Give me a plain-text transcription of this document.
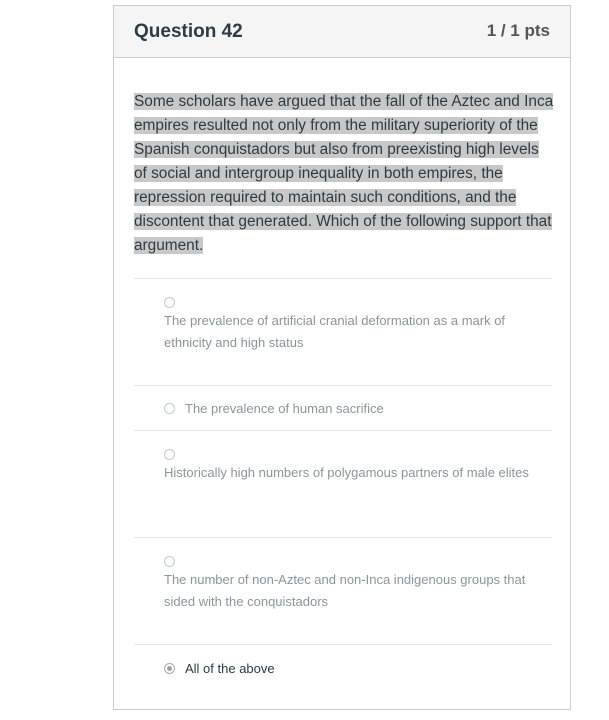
Question 42	1 / 1 pts

Some scholars have argued that the fall of the Aztec and Inca empires resulted not only from the military superiority of the Spanish conquistadors but also from preexisting high levels of social and intergroup inequality in both empires, the repression required to maintain such conditions, and the discontent that generated. Which of the following support that argument.

The prevalence of artificial cranial deformation as a mark of ethnicity and high status
The prevalence of human sacrifice
Historically high numbers of polygamous partners of male elites
The number of non-Aztec and non-Inca indigenous groups that sided with the conquistadors
All of the above
